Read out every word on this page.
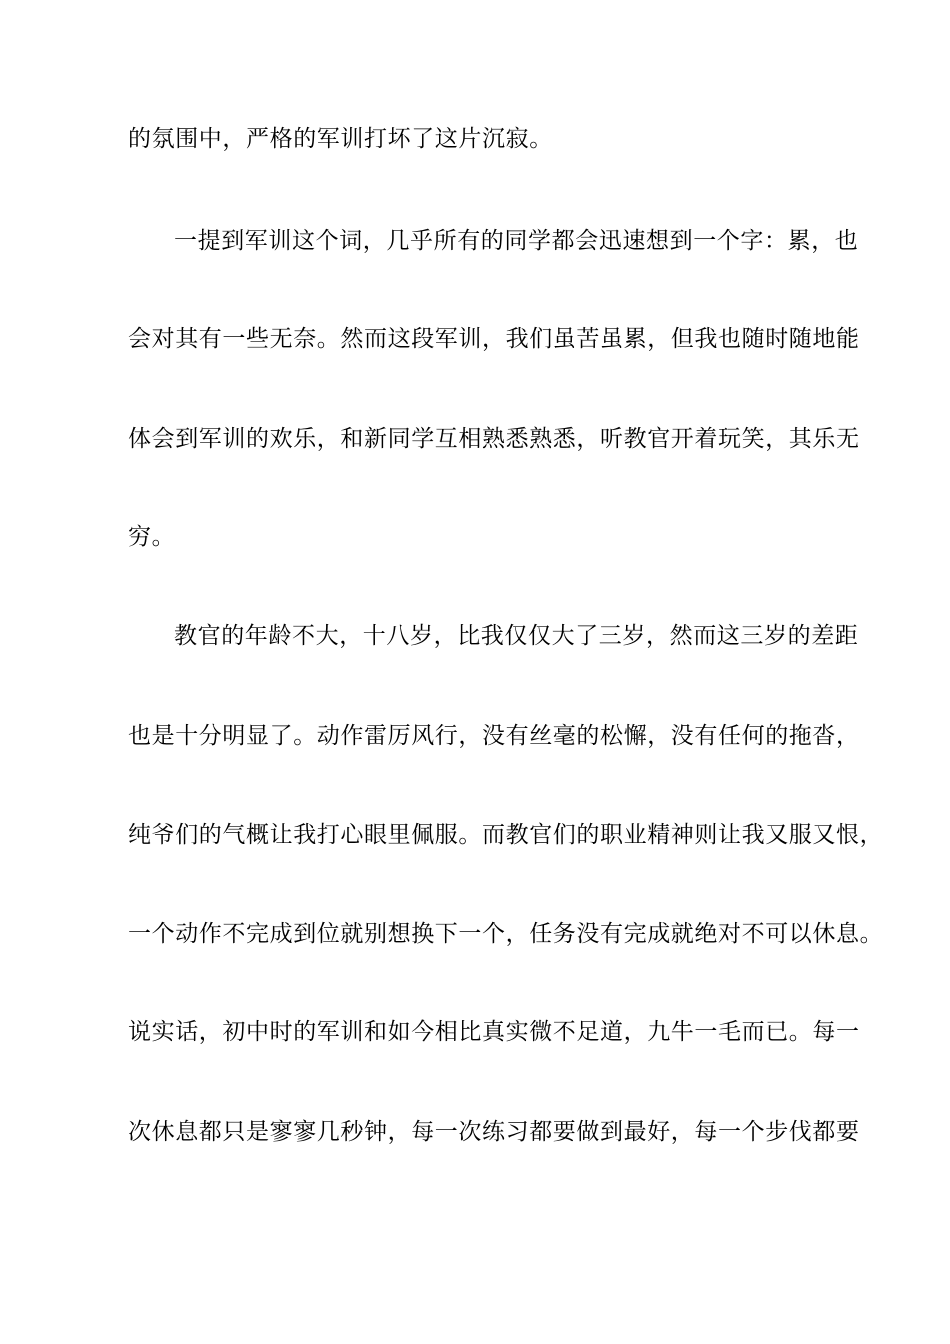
的氛围中，严格的军训打坏了这片沉寂。
一提到军训这个词，几乎所有的同学都会迅速想到一个字：累，也
会对其有一些无奈。然而这段军训，我们虽苦虽累，但我也随时随地能
体会到军训的欢乐，和新同学互相熟悉熟悉，听教官开着玩笑，其乐无
穷。
教官的年龄不大，十八岁，比我仅仅大了三岁，然而这三岁的差距
也是十分明显了。动作雷厉风行，没有丝毫的松懈，没有任何的拖沓，
纯爷们的气概让我打心眼里佩服。而教官们的职业精神则让我又服又恨，
一个动作不完成到位就别想换下一个，任务没有完成就绝对不可以休息。
说实话，初中时的军训和如今相比真实微不足道，九牛一毛而已。每一
次休息都只是寥寥几秒钟，每一次练习都要做到最好，每一个步伐都要
